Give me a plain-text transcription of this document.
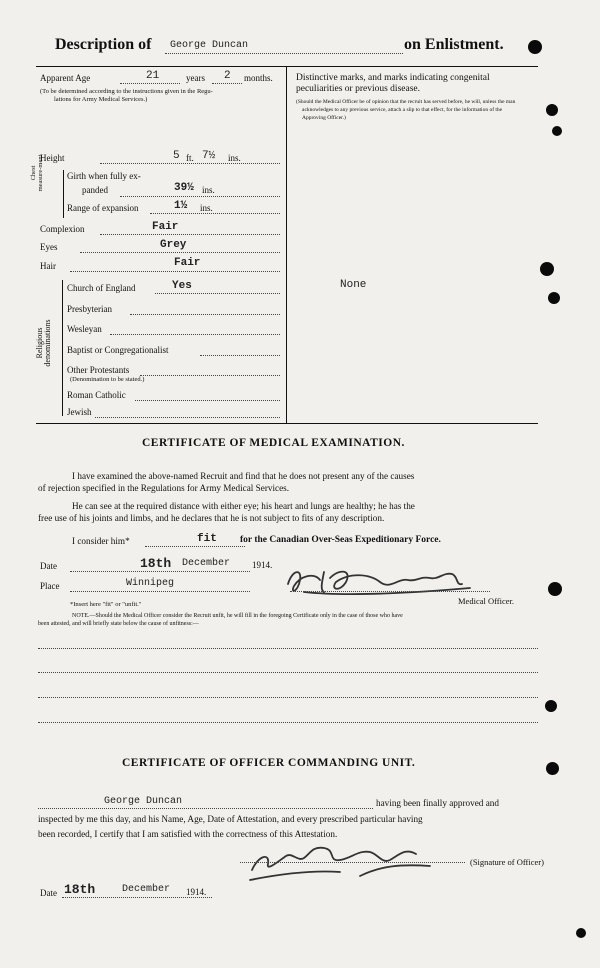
Description of George Duncan	on Enlistment.
Apparent Age	21	years 2 months.
(To be determined according to the instructions given in the Regu-
lations for Army Medical Services.)
Height	5 ft. 7½ ins.
Chest measure-ment	Girth when fully ex-
panded	39½ ins.
Range of expansion	1½ ins.
Complexion	Fair
Eyes	Grey
Hair	Fair
Religious denominations
Church of England	Yes
Presbyterian
Wesleyan
Baptist or Congregationalist
Other Protestants
(Denomination to be stated.)
Roman Catholic
Jewish
Distinctive marks, and marks indicating congenital
peculiarities or previous disease.
(Should the Medical Officer be of opinion that the recruit has served before, he will, unless the man
acknowledges to any previous service, attach a slip to that effect, for the information of the
Approving Officer.)
None
CERTIFICATE OF MEDICAL EXAMINATION.
I have examined the above-named Recruit and find that he does not present any of the causes
of rejection specified in the Regulations for Army Medical Services.
He can see at the required distance with either eye; his heart and lungs are healthy; he has the
free use of his joints and limbs, and he declares that he is not subject to fits of any description.
I consider him*	fit for the Canadian Over-Seas Expeditionary Force.
Date	18th December 1914.
Place	Winnipeg
Medical Officer.
*Insert here "fit" or "unfit."
NOTE.—Should the Medical Officer consider the Recruit unfit, he will fill in the foregoing Certificate only in the case of those who have
been attested, and will briefly state below the cause of unfitness:—
CERTIFICATE OF OFFICER COMMANDING UNIT.
George Duncan	having been finally approved and
inspected by me this day, and his Name, Age, Date of Attestation, and every prescribed particular having
been recorded, I certify that I am satisfied with the correctness of this Attestation.
(Signature of Officer)
Date 18th	December 1914.
